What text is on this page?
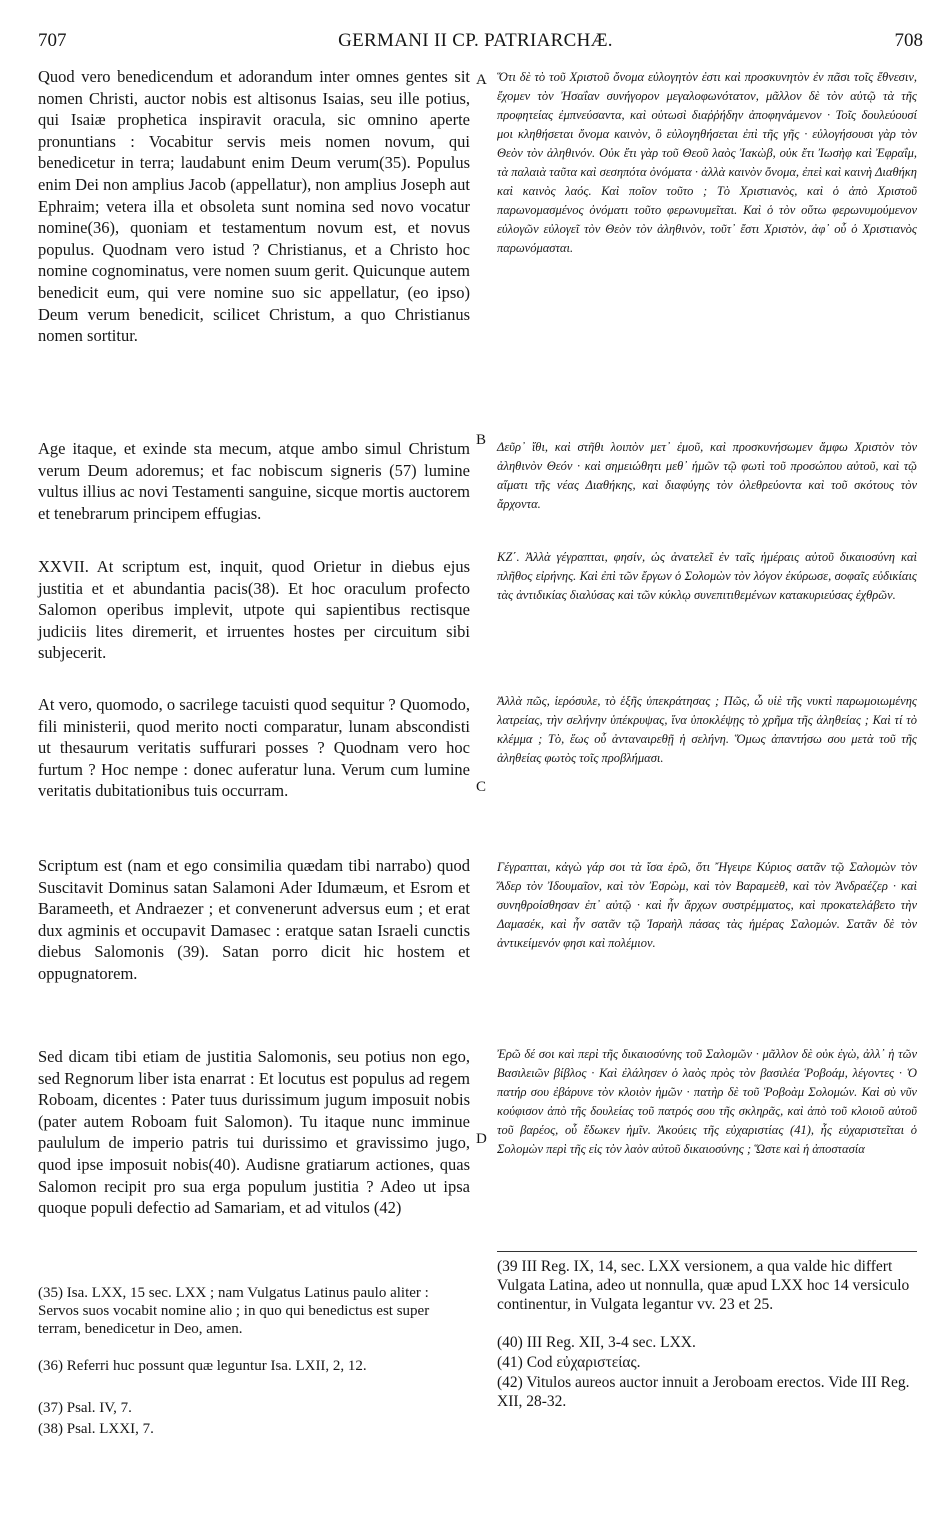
707	GERMANI II CP. PATRIARCHÆ.	708

Quod vero benedicendum et adorandum inter omnes gentes sit nomen Christi, auctor nobis est altisonus Isaias, seu ille potius, qui Isaiæ prophetica inspiravit oracula, sic omnino aperte pronuntians : Vocabitur servis meis nomen novum, qui benedicetur in terra; laudabunt enim Deum verum(35). Populus enim Dei non amplius Jacob (appellatur), non amplius Joseph aut Ephraim; vetera illa et obsoleta sunt nomina sed novo vocatur nomine(36), quoniam et testamentum novum est, et novus populus. Quodnam vero istud ? Christianus, et a Christo hoc nomine cognominatus, vere nomen suum gerit. Quicunque autem benedicit eum, qui vere nomine suo sic appellatur, (eo ipso) Deum verum benedicit, scilicet Christum, a quo Christianus nomen sortitur.

Age itaque, et exinde sta mecum, atque ambo simul Christum verum Deum adoremus; et fac nobiscum signeris (57) lumine vultus illius ac novi Testamenti sanguine, sicque mortis auctorem et tenebrarum principem effugias.

XXVII. At scriptum est, inquit, quod Orietur in diebus ejus justitia et et abundantia pacis(38). Et hoc oraculum profecto Salomon operibus implevit, utpote qui sapientibus rectisque judiciis lites diremerit, et irruentes hostes per circuitum sibi subjecerit.

At vero, quomodo, o sacrilege tacuisti quod sequitur ? Quomodo, fili ministerii, quod merito nocti comparatur, lunam abscondisti ut thesaurum veritatis suffurari posses ? Quodnam vero hoc furtum ? Hoc nempe : donec auferatur luna. Verum cum lumine veritatis dubitationibus tuis occurram.

Scriptum est (nam et ego consimilia quædam tibi narrabo) quod Suscitavit Dominus satan Salamoni Ader Idumæum, et Esrom et Barameeth, et Andraezer ; et convenerunt adversus eum ; et erat dux agminis et occupavit Damasec : eratque satan Israeli cunctis diebus Salomonis (39). Satan porro dicit hic hostem et oppugnatorem.

Sed dicam tibi etiam de justitia Salomonis, seu potius non ego, sed Regnorum liber ista enarrat : Et locutus est populus ad regem Roboam, dicentes : Pater tuus durissimum jugum imposuit nobis (pater autem Roboam fuit Salomon). Tu itaque nunc imminue paululum de imperio patris tui durissimo et gravissimo jugo, quod ipse imposuit nobis(40). Audisne gratiarum actiones, quas Salomon recipit pro sua erga populum justitia ? Adeo ut ipsa quoque populi defectio ad Samariam, et ad vitulos (42)

A
B
C
D

Ὅτι δὲ τὸ τοῦ Χριστοῦ ὄνομα εὐλογητὸν ἐστι καὶ προσκυνητὸν ἐν πᾶσι τοῖς ἔθνεσιν, ἔχομεν τὸν Ἠσαΐαν συνήγορον μεγαλοφωνότατον, μᾶλλον δὲ τὸν αὐτῷ τὰ τῆς προφητείας ἐμπνεύσαντα, καὶ οὑτωσὶ διαῤῥήδην ἀποφηνάμενον · Τοῖς δουλεύουσί μοι κληθήσεται ὄνομα καινὸν, ὃ εὐλογηθήσεται ἐπὶ τῆς γῆς · εὐλογήσουσι γὰρ τὸν Θεὸν τὸν ἀληθινόν. Οὐκ ἔτι γὰρ τοῦ Θεοῦ λαὸς Ἰακὼβ, οὐκ ἔτι Ἰωσὴφ καὶ Ἐφραΐμ, τὰ παλαιὰ ταῦτα καὶ σεσηπότα ὀνόματα · ἀλλὰ καινὸν ὄνομα, ἐπεὶ καὶ καινὴ Διαθήκη καὶ καινὸς λαός. Καὶ ποῖον τοῦτο ; Τὸ Χριστιανὸς, καὶ ὁ ἀπὸ Χριστοῦ παρωνομασμένος ὀνόματι τοῦτο φερωνυμεῖται. Καὶ ὁ τὸν οὕτω φερωνυμούμενον εὐλογῶν εὐλογεῖ τὸν Θεὸν τὸν ἀληθινὸν, τοῦτ᾽ ἔστι Χριστὸν, ἀφ᾽ οὗ ὁ Χριστιανὸς παρωνόμασται.

Δεῦρ᾽ ἴθι, καὶ στῆθι λοιπὸν μετ᾽ ἐμοῦ, καὶ προσκυνήσωμεν ἄμφω Χριστὸν τὸν ἀληθινὸν Θεόν · καὶ σημειώθητι μεθ᾽ ἡμῶν τῷ φωτὶ τοῦ προσώπου αὐτοῦ, καὶ τῷ αἵματι τῆς νέας Διαθήκης, καὶ διαφύγης τὸν ὀλεθρεύοντα καὶ τοῦ σκότους τὸν ἄρχοντα.

ΚΖ΄. Ἀλλὰ γέγραπται, φησίν, ὡς ἀνατελεῖ ἐν ταῖς ἡμέραις αὐτοῦ δικαιοσύνη καὶ πλῆθος εἰρήνης. Καὶ ἐπὶ τῶν ἔργων ὁ Σολομὼν τὸν λόγον ἐκύρωσε, σοφαῖς εὐδικίαις τὰς ἀντιδικίας διαλύσας καὶ τῶν κύκλῳ συνεπιτιθεμένων κατακυριεύσας ἐχθρῶν.

Ἀλλὰ πῶς, ἱερόσυλε, τὸ ἑξῆς ὑπεκράτησας ; Πῶς, ὦ υἱὲ τῆς νυκτὶ παρωμοιωμένης λατρείας, τὴν σελήνην ὑπέκρυψας, ἵνα ὑποκλέψῃς τὸ χρῆμα τῆς ἀληθείας ; Καὶ τί τὸ κλέμμα ; Τὸ, ἕως οὗ ἀνταναιρεθῇ ἡ σελήνη. Ὅμως ἀπαντήσω σου μετὰ τοῦ τῆς ἀληθείας φωτὸς τοῖς προβλήμασι.

Γέγραπται, κἀγὼ γάρ σοι τὰ ἴσα ἐρῶ, ὅτι Ἤγειρε Κύριος σατᾶν τῷ Σαλομὼν τὸν Ἄδερ τὸν Ἰδουμαῖον, καὶ τὸν Ἐσρὼμ, καὶ τὸν Βαραμεὲθ, καὶ τὸν Ἀνδραέζερ · καὶ συνηθροίσθησαν ἐπ᾽ αὐτῷ · καὶ ἦν ἄρχων συστρέμματος, καὶ προκατελάβετο τὴν Δαμασέκ, καὶ ἦν σατᾶν τῷ Ἰσραὴλ πάσας τὰς ἡμέρας Σαλομών. Σατᾶν δὲ τὸν ἀντικείμενόν φησι καὶ πολέμιον.

Ἐρῶ δέ σοι καὶ περὶ τῆς δικαιοσύνης τοῦ Σαλομῶν · μᾶλλον δὲ οὐκ ἐγὼ, ἀλλ᾽ ἡ τῶν Βασιλειῶν βίβλος · Καὶ ἐλάλησεν ὁ λαὸς πρὸς τὸν βασιλέα Ῥοβοάμ, λέγοντες · Ὁ πατήρ σου ἐβάρυνε τὸν κλοιὸν ἡμῶν · πατὴρ δὲ τοῦ Ῥοβοὰμ Σολομών. Καὶ σὺ νῦν κούφισον ἀπὸ τῆς δουλείας τοῦ πατρός σου τῆς σκληρᾶς, καὶ ἀπὸ τοῦ κλοιοῦ αὐτοῦ τοῦ βαρέος, οὗ ἔδωκεν ἡμῖν. Ἀκούεις τῆς εὐχαριστίας (41), ἧς εὐχαριστεῖται ὁ Σολομὼν περὶ τῆς εἰς τὸν λαὸν αὐτοῦ δικαιοσύνης ; Ὥστε καὶ ἡ ἀποστασία

(35) Isa. LXX, 15 sec. LXX ; nam Vulgatus Latinus paulo aliter : Servos suos vocabit nomine alio ; in quo qui benedictus est super terram, benedicetur in Deo, amen.
(36) Referri huc possunt quæ leguntur Isa. LXII, 2, 12.
(37) Psal. IV, 7.
(38) Psal. LXXI, 7.
(39 III Reg. IX, 14, sec. LXX versionem, a qua valde hic differt Vulgata Latina, adeo ut nonnulla, quæ apud LXX hoc 14 versiculo continentur, in Vulgata legantur vv. 23 et 25.
(40) III Reg. XII, 3-4 sec. LXX.
(41) Cod εὐχαριστείας.
(42) Vitulos aureos auctor innuit a Jeroboam erectos. Vide III Reg. XII, 28-32.
